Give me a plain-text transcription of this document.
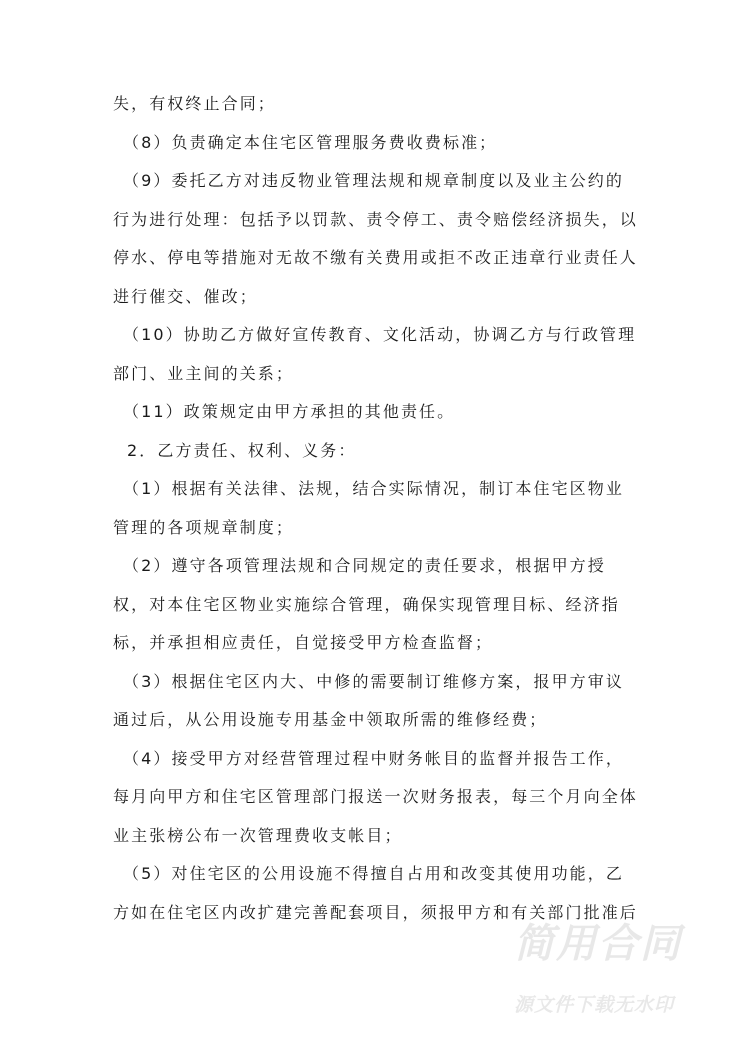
失，有权终止合同；
（8）负责确定本住宅区管理服务费收费标准；
（9）委托乙方对违反物业管理法规和规章制度以及业主公约的
行为进行处理：包括予以罚款、责令停工、责令赔偿经济损失，以
停水、停电等措施对无故不缴有关费用或拒不改正违章行业责任人
进行催交、催改；
（10）协助乙方做好宣传教育、文化活动，协调乙方与行政管理
部门、业主间的关系；
（11）政策规定由甲方承担的其他责任。
2．乙方责任、权利、义务：
（1）根据有关法律、法规，结合实际情况，制订本住宅区物业
管理的各项规章制度；
（2）遵守各项管理法规和合同规定的责任要求，根据甲方授
权，对本住宅区物业实施综合管理，确保实现管理目标、经济指
标，并承担相应责任，自觉接受甲方检查监督；
（3）根据住宅区内大、中修的需要制订维修方案，报甲方审议
通过后，从公用设施专用基金中领取所需的维修经费；
（4）接受甲方对经营管理过程中财务帐目的监督并报告工作，
每月向甲方和住宅区管理部门报送一次财务报表，每三个月向全体
业主张榜公布一次管理费收支帐目；
（5）对住宅区的公用设施不得擅自占用和改变其使用功能，乙
方如在住宅区内改扩建完善配套项目，须报甲方和有关部门批准后
简用合同
源文件下载无水印
